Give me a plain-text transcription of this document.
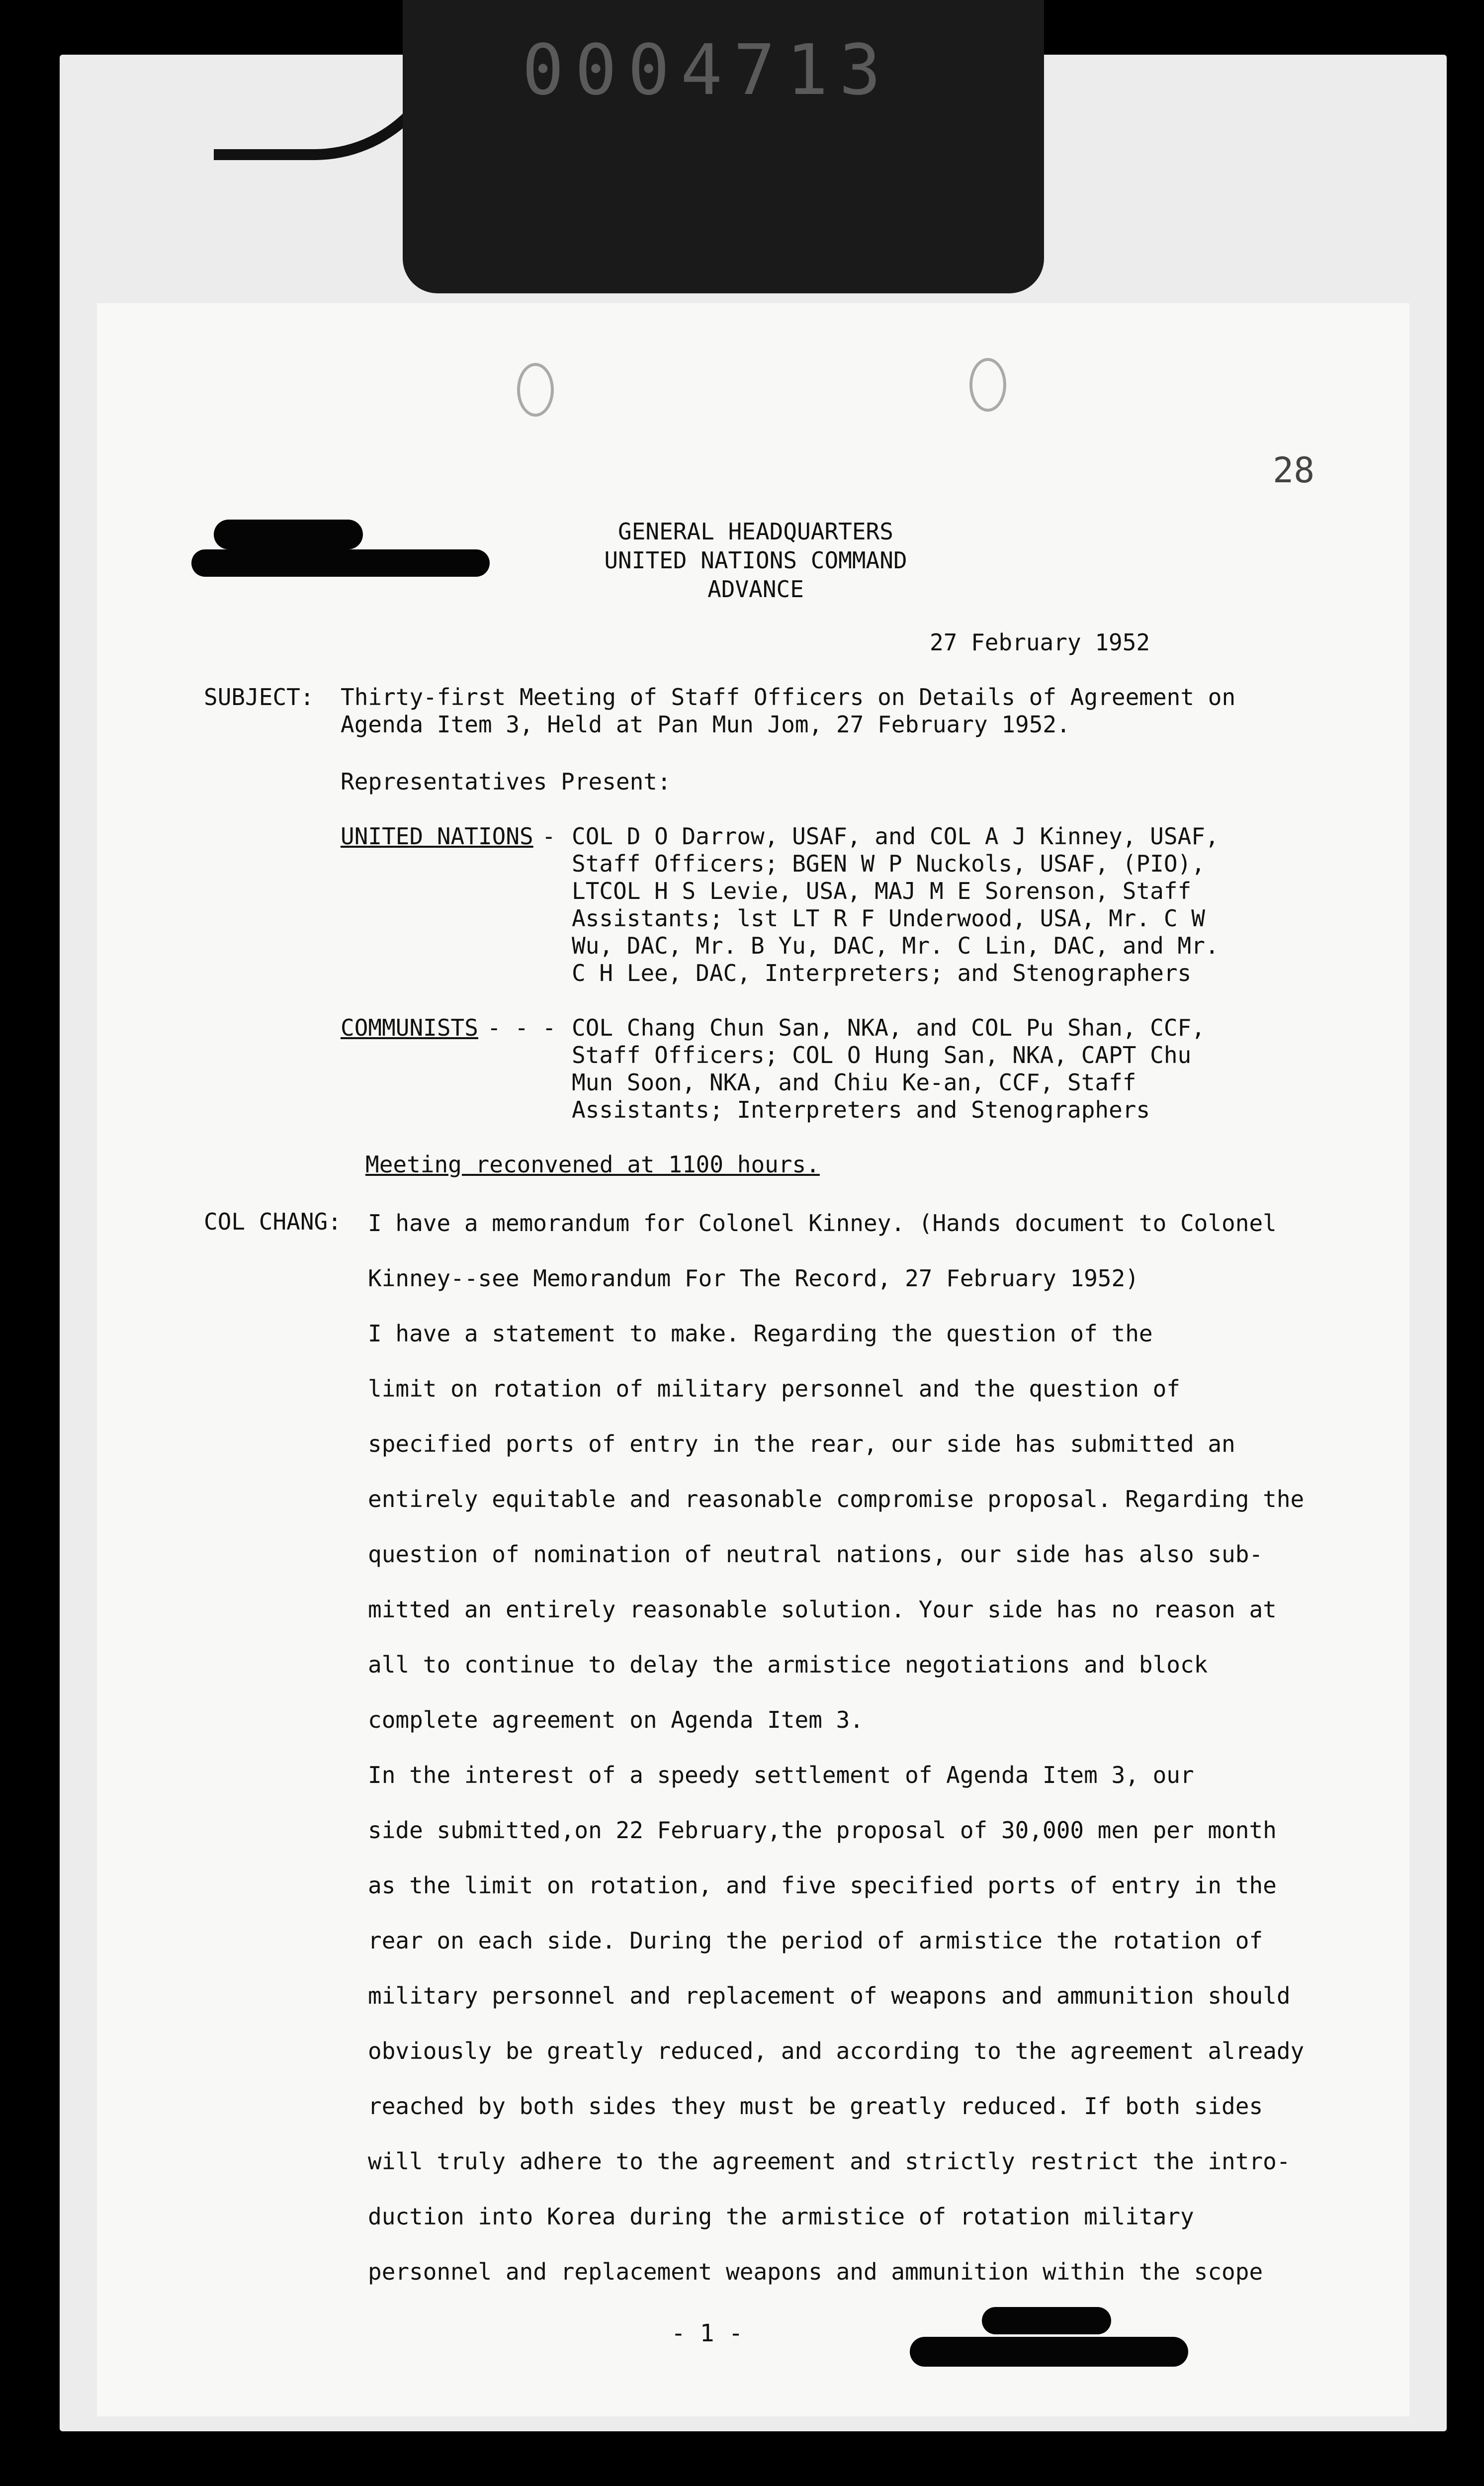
0004713
28
GENERAL HEADQUARTERS
UNITED NATIONS COMMAND
ADVANCE
27 February 1952
SUBJECT: Thirty-first Meeting of Staff Officers on Details of Agreement on
Agenda Item 3, Held at Pan Mun Jom, 27 February 1952.
Representatives Present:
UNITED NATIONS - COL D O Darrow, USAF, and COL A J Kinney, USAF,
Staff Officers; BGEN W P Nuckols, USAF, (PIO),
LTCOL H S Levie, USA, MAJ M E Sorenson, Staff
Assistants; lst LT R F Underwood, USA, Mr. C W
Wu, DAC, Mr. B Yu, DAC, Mr. C Lin, DAC, and Mr.
C H Lee, DAC, Interpreters; and Stenographers
COMMUNISTS - - - COL Chang Chun San, NKA, and COL Pu Shan, CCF,
Staff Officers; COL O Hung San, NKA, CAPT Chu
Mun Soon, NKA, and Chiu Ke-an, CCF, Staff
Assistants; Interpreters and Stenographers
Meeting reconvened at 1100 hours.
COL CHANG: I have a memorandum for Colonel Kinney. (Hands document to Colonel
Kinney--see Memorandum For The Record, 27 February 1952)
I have a statement to make. Regarding the question of the
limit on rotation of military personnel and the question of
specified ports of entry in the rear, our side has submitted an
entirely equitable and reasonable compromise proposal. Regarding the
question of nomination of neutral nations, our side has also sub-
mitted an entirely reasonable solution. Your side has no reason at
all to continue to delay the armistice negotiations and block
complete agreement on Agenda Item 3.
In the interest of a speedy settlement of Agenda Item 3, our
side submitted,on 22 February,the proposal of 30,000 men per month
as the limit on rotation, and five specified ports of entry in the
rear on each side. During the period of armistice the rotation of
military personnel and replacement of weapons and ammunition should
obviously be greatly reduced, and according to the agreement already
reached by both sides they must be greatly reduced. If both sides
will truly adhere to the agreement and strictly restrict the intro-
duction into Korea during the armistice of rotation military
personnel and replacement weapons and ammunition within the scope
- 1 -
